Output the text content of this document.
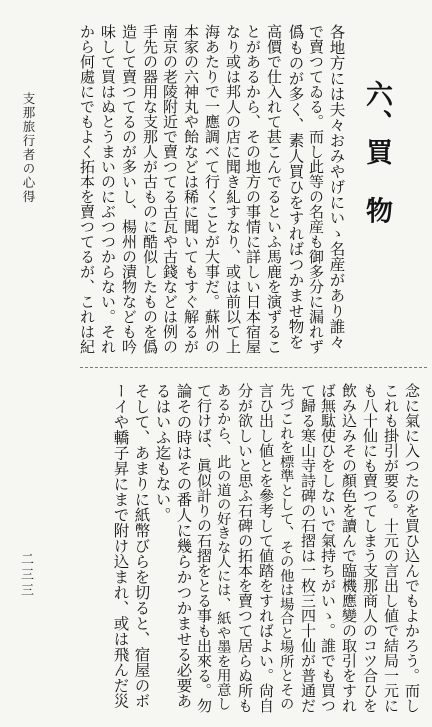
六、買　物
各地方には夫々おみやげにいゝ名産があり誰々
で賣つてゐる。而し此等の名産も御多分に漏れず
僞ものが多く、素人買ひをすればつかませ物を
高價で仕入れて甚こんでるといふ馬鹿を演ずるこ
とがあるから、その地方の事情に詳しい日本宿屋
なり或は邦人の店に聞き糺すなり、或は前以て上
海あたりで一應調べて行くことが大事だ。蘇州の
本家の六神丸や飴などは稀に聞いてもすぐ解るが
南京の老陵附近で賣つてる古瓦や古錢などは例の
手先の器用な支那人が古ものに酷似したものを僞
造して賣つてるのが多いし、楊州の漬物なども吟
味して買はぬとうまいのにぶつつからない。それ
から何處にでもよく拓本を賣つてるが、これは紀
支那旅行者の心得
念に氣に入つたのを買ひ込んでもよかろう。而し
これも掛引が要る。十元の言出し値で結局一元に
も八十仙にも賣つてしまう支那商人のコツ合ひを
飲み込みその顏色を讀んで臨機應變の取引をすれ
ば無駄使ひをしないで氣持ちがいゝ。誰でも買つ
て歸る寒山寺詩碑の石摺は一枚三四十仙が普通だ
先づこれを標準として、その他は場合と場所とその
言ひ出し値とを參考して値踏をすればよい。尙自
分が欲しいと思ふ石碑の拓本を賣つて居らぬ所も
あるから、此の道の好きな人には、紙や墨を用意し
て行けば、眞似計りの石摺をとる事も出來る。勿
論その時はその番人に幾らかつかませる必要あ
るはいふ迄もない。
そして、あまりに紙幣びらを切ると、宿屋のボ
ーイや轎子昇にまで附け込まれ、或は飛んだ災
二三三
